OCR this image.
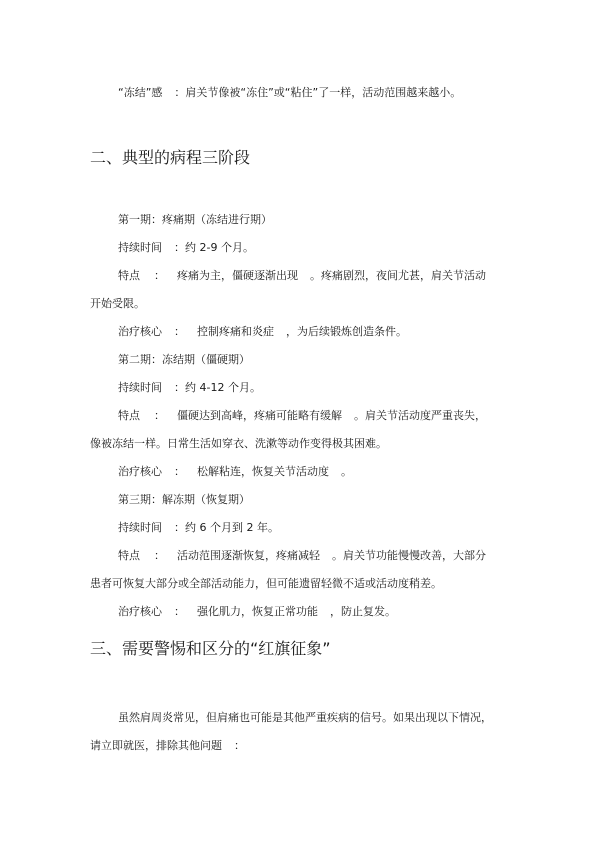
“冻结”感 ：肩关节像被“冻住”或“粘住”了一样，活动范围越来越小。
二、典型的病程三阶段
第一期：疼痛期（冻结进行期）
持续时间 ：约 2-9 个月。
特点 ： 疼痛为主，僵硬逐渐出现 。疼痛剧烈，夜间尤甚，肩关节活动
开始受限。
治疗核心 ： 控制疼痛和炎症 ，为后续锻炼创造条件。
第二期：冻结期（僵硬期）
持续时间 ：约 4-12 个月。
特点 ： 僵硬达到高峰，疼痛可能略有缓解 。肩关节活动度严重丧失，
像被冻结一样。日常生活如穿衣、洗漱等动作变得极其困难。
治疗核心 ： 松解粘连，恢复关节活动度 。
第三期：解冻期（恢复期）
持续时间 ：约 6 个月到 2 年。
特点 ： 活动范围逐渐恢复，疼痛减轻 。肩关节功能慢慢改善，大部分
患者可恢复大部分或全部活动能力，但可能遗留轻微不适或活动度稍差。
治疗核心 ： 强化肌力，恢复正常功能 ，防止复发。
三、需要警惕和区分的“红旗征象”
虽然肩周炎常见，但肩痛也可能是其他严重疾病的信号。如果出现以下情况，
请立即就医，排除其他问题 ：
